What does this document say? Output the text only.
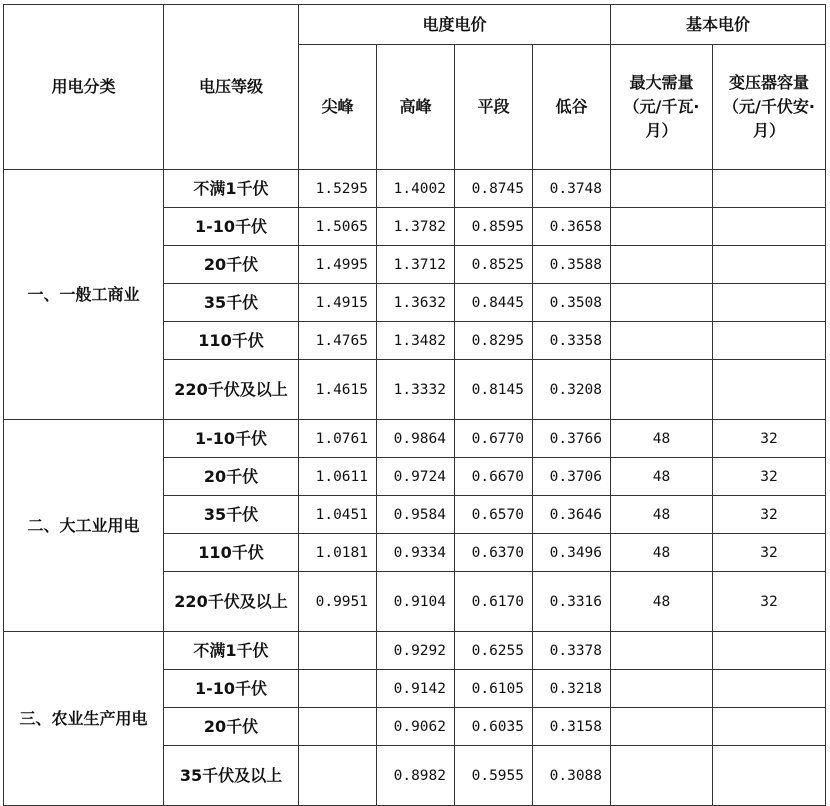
用电分类	电压等级	电度电价				基本电价	
		尖峰	高峰	平段	低谷	最大需量（元/千瓦·月）	变压器容量（元/千伏安·月）
一、一般工商业	不满1千伏	1.5295	1.4002	0.8745	0.3748		
	1-10千伏	1.5065	1.3782	0.8595	0.3658		
	20千伏	1.4995	1.3712	0.8525	0.3588		
	35千伏	1.4915	1.3632	0.8445	0.3508		
	110千伏	1.4765	1.3482	0.8295	0.3358		
	220千伏及以上	1.4615	1.3332	0.8145	0.3208		
二、大工业用电	1-10千伏	1.0761	0.9864	0.6770	0.3766	48	32
	20千伏	1.0611	0.9724	0.6670	0.3706	48	32
	35千伏	1.0451	0.9584	0.6570	0.3646	48	32
	110千伏	1.0181	0.9334	0.6370	0.3496	48	32
	220千伏及以上	0.9951	0.9104	0.6170	0.3316	48	32
三、农业生产用电	不满1千伏		0.9292	0.6255	0.3378		
	1-10千伏		0.9142	0.6105	0.3218		
	20千伏		0.9062	0.6035	0.3158		
	35千伏及以上		0.8982	0.5955	0.3088		
